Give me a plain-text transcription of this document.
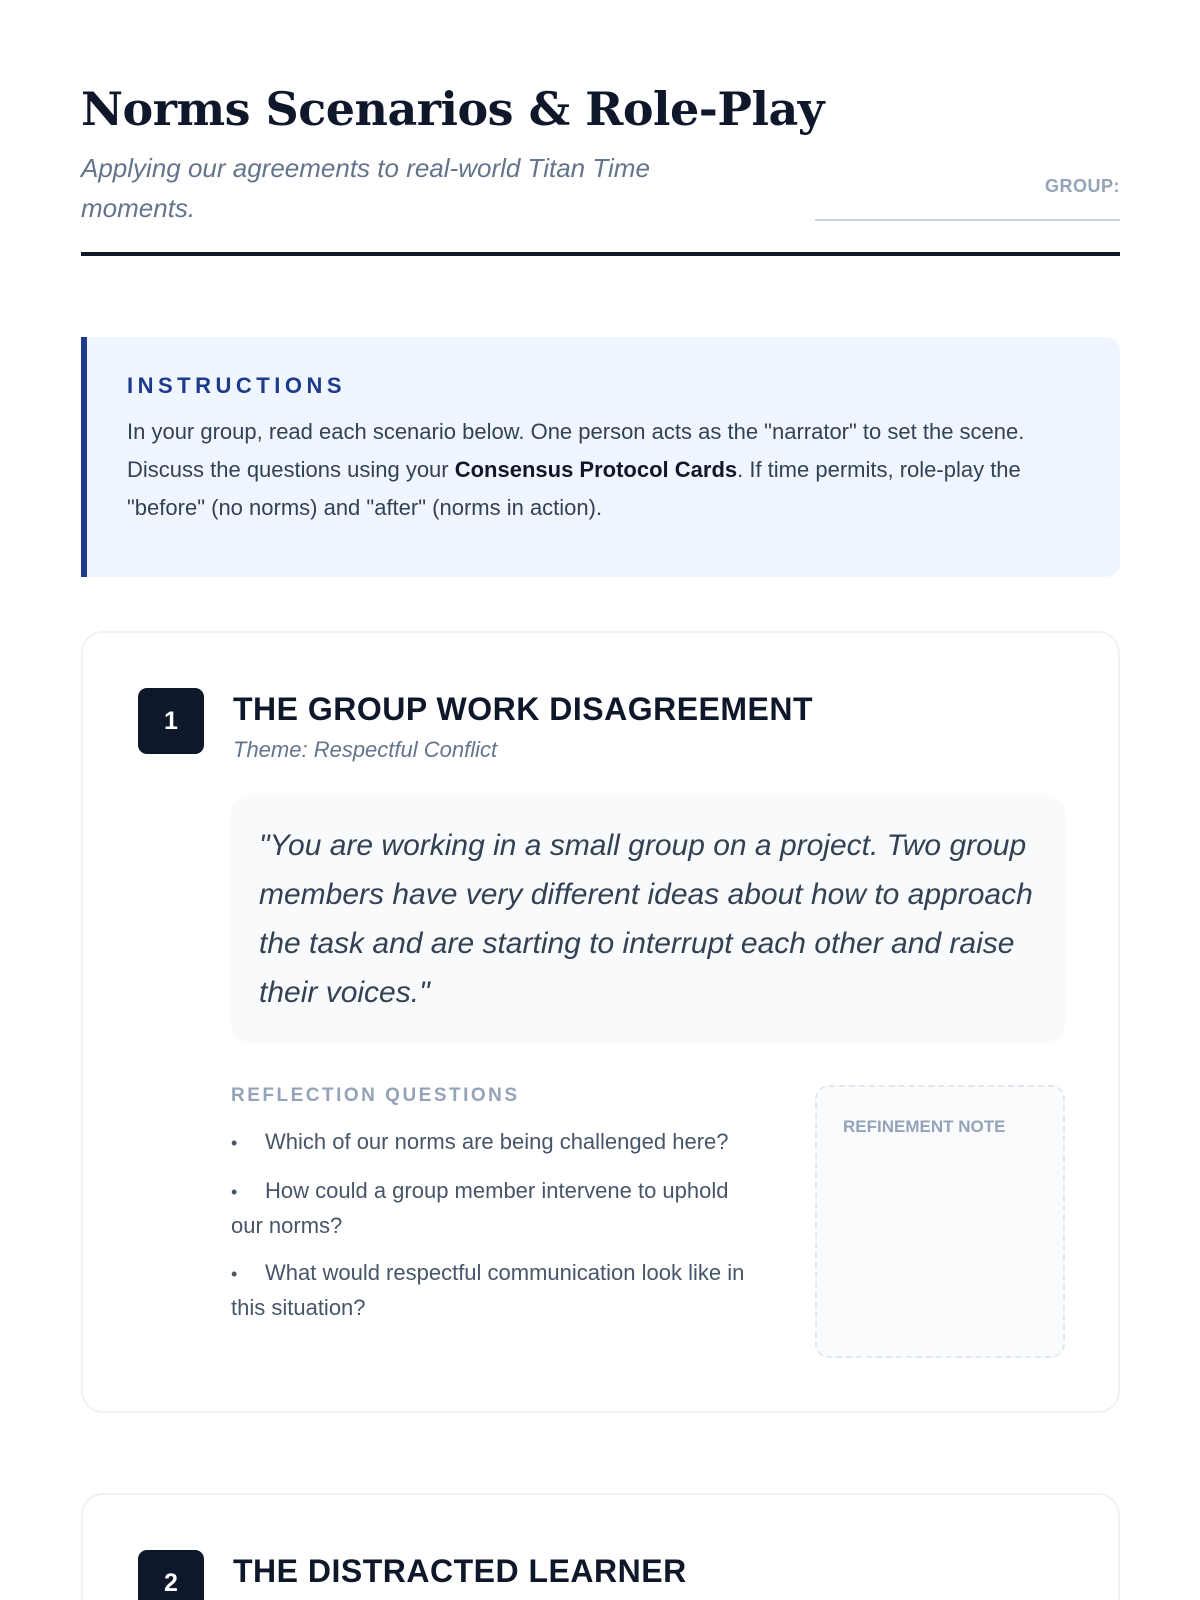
Norms Scenarios & Role-Play

Applying our agreements to real-world Titan Time moments.

GROUP:
INSTRUCTIONS

In your group, read each scenario below. One person acts as the "narrator" to set the scene. Discuss the questions using your Consensus Protocol Cards. If time permits, role-play the "before" (no norms) and "after" (norms in action).

1	THE GROUP WORK DISAGREEMENT
Theme: Respectful Conflict

"You are working in a small group on a project. Two group members have very different ideas about how to approach the task and are starting to interrupt each other and raise their voices."

REFLECTION QUESTIONS
• Which of our norms are being challenged here?
• How could a group member intervene to uphold our norms?
• What would respectful communication look like in this situation?
REFINEMENT NOTE
2	THE DISTRACTED LEARNER
